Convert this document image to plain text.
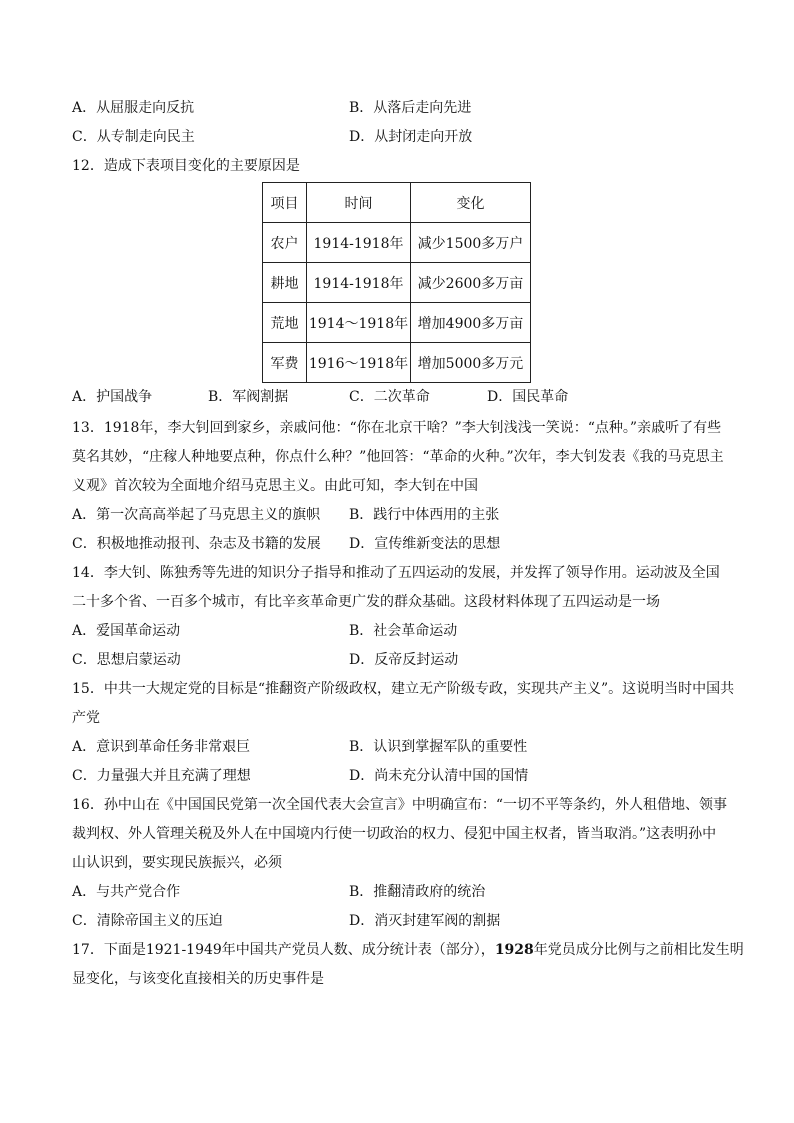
A．从屈服走向反抗	B．从落后走向先进
C．从专制走向民主	D．从封闭走向开放
12．造成下表项目变化的主要原因是
项目	时间	变化
农户	1914-1918年	减少1500多万户
耕地	1914-1918年	减少2600多万亩
荒地	1914～1918年	增加4900多万亩
军费	1916～1918年	增加5000多万元
A．护国战争	B．军阀割据	C．二次革命	D．国民革命
13．1918年，李大钊回到家乡，亲戚问他：“你在北京干啥？”李大钊浅浅一笑说：“点种。”亲戚听了有些
莫名其妙，“庄稼人种地要点种，你点什么种？”他回答：“革命的火种。”次年，李大钊发表《我的马克思主
义观》首次较为全面地介绍马克思主义。由此可知，李大钊在中国
A．第一次高高举起了马克思主义的旗帜 B．践行中体西用的主张
C．积极地推动报刊、杂志及书籍的发展 D．宣传维新变法的思想
14．李大钊、陈独秀等先进的知识分子指导和推动了五四运动的发展，并发挥了领导作用。运动波及全国
二十多个省、一百多个城市，有比辛亥革命更广发的群众基础。这段材料体现了五四运动是一场
A．爱国革命运动	B．社会革命运动
C．思想启蒙运动	D．反帝反封运动
15．中共一大规定党的目标是“推翻资产阶级政权，建立无产阶级专政，实现共产主义”。这说明当时中国共
产党
A．意识到革命任务非常艰巨	B．认识到掌握军队的重要性
C．力量强大并且充满了理想	D．尚未充分认清中国的国情
16．孙中山在《中国国民党第一次全国代表大会宣言》中明确宣布：“一切不平等条约，外人租借地、领事
裁判权、外人管理关税及外人在中国境内行使一切政治的权力、侵犯中国主权者，皆当取消。”这表明孙中
山认识到，要实现民族振兴，必须
A．与共产党合作	B．推翻清政府的统治
C．清除帝国主义的压迫	D．消灭封建军阀的割据
17．下面是1921-1949年中国共产党员人数、成分统计表（部分），1928年党员成分比例与之前相比发生明
显变化，与该变化直接相关的历史事件是
